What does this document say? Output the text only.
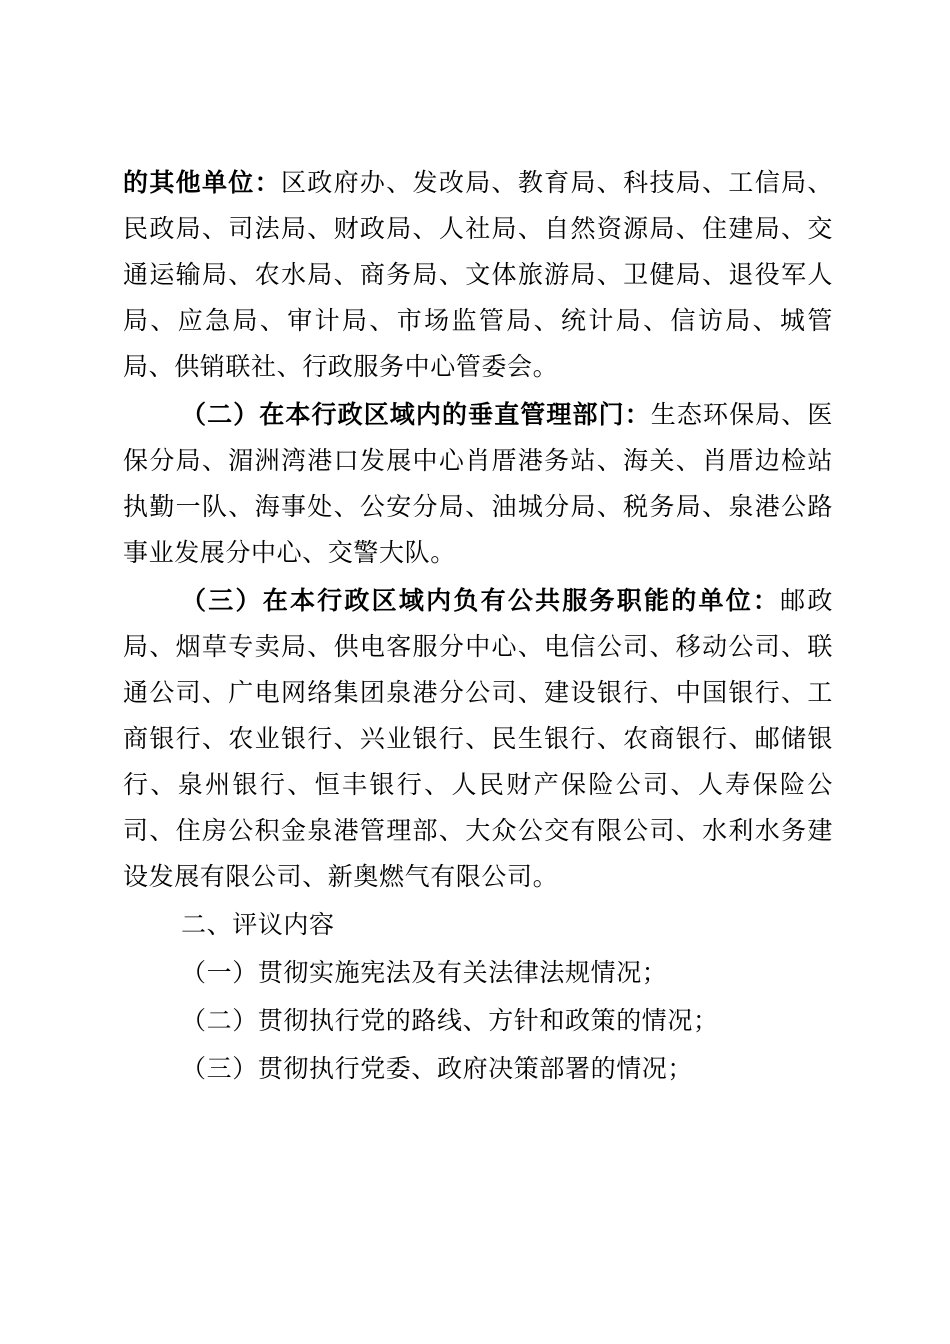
的其他单位：区政府办、发改局、教育局、科技局、工信局、民政局、司法局、财政局、人社局、自然资源局、住建局、交通运输局、农水局、商务局、文体旅游局、卫健局、退役军人局、应急局、审计局、市场监管局、统计局、信访局、城管局、供销联社、行政服务中心管委会。

（二）在本行政区域内的垂直管理部门：生态环保局、医保分局、湄洲湾港口发展中心肖厝港务站、海关、肖厝边检站执勤一队、海事处、公安分局、油城分局、税务局、泉港公路事业发展分中心、交警大队。

（三）在本行政区域内负有公共服务职能的单位：邮政局、烟草专卖局、供电客服分中心、电信公司、移动公司、联通公司、广电网络集团泉港分公司、建设银行、中国银行、工商银行、农业银行、兴业银行、民生银行、农商银行、邮储银行、泉州银行、恒丰银行、人民财产保险公司、人寿保险公司、住房公积金泉港管理部、大众公交有限公司、水利水务建设发展有限公司、新奥燃气有限公司。

二、评议内容

（一）贯彻实施宪法及有关法律法规情况；

（二）贯彻执行党的路线、方针和政策的情况；

（三）贯彻执行党委、政府决策部署的情况；
